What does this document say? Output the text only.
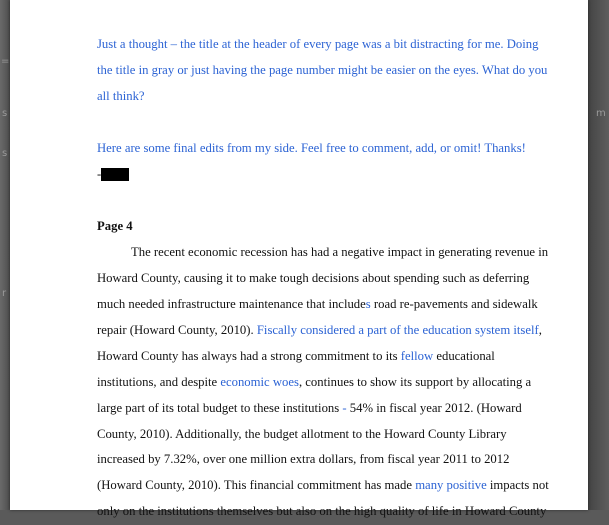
=
s
s
r
m
Just a thought – the title at the header of every page was a bit distracting for me. Doing
the title in gray or just having the page number might be easier on the eyes. What do you
all think?
Here are some final edits from my side. Feel free to comment, add, or omit! Thanks!
-
Page 4
The recent economic recession has had a negative impact in generating revenue in
Howard County, causing it to make tough decisions about spending such as deferring
much needed infrastructure maintenance that includes road re-pavements and sidewalk
repair (Howard County, 2010). Fiscally considered a part of the education system itself,
Howard County has always had a strong commitment to its fellow educational
institutions, and despite economic woes, continues to show its support by allocating a
large part of its total budget to these institutions - 54% in fiscal year 2012. (Howard
County, 2010). Additionally, the budget allotment to the Howard County Library
increased by 7.32%, over one million extra dollars, from fiscal year 2011 to 2012
(Howard County, 2010). This financial commitment has made many positive impacts not
only on the institutions themselves but also on the high quality of life in Howard County
